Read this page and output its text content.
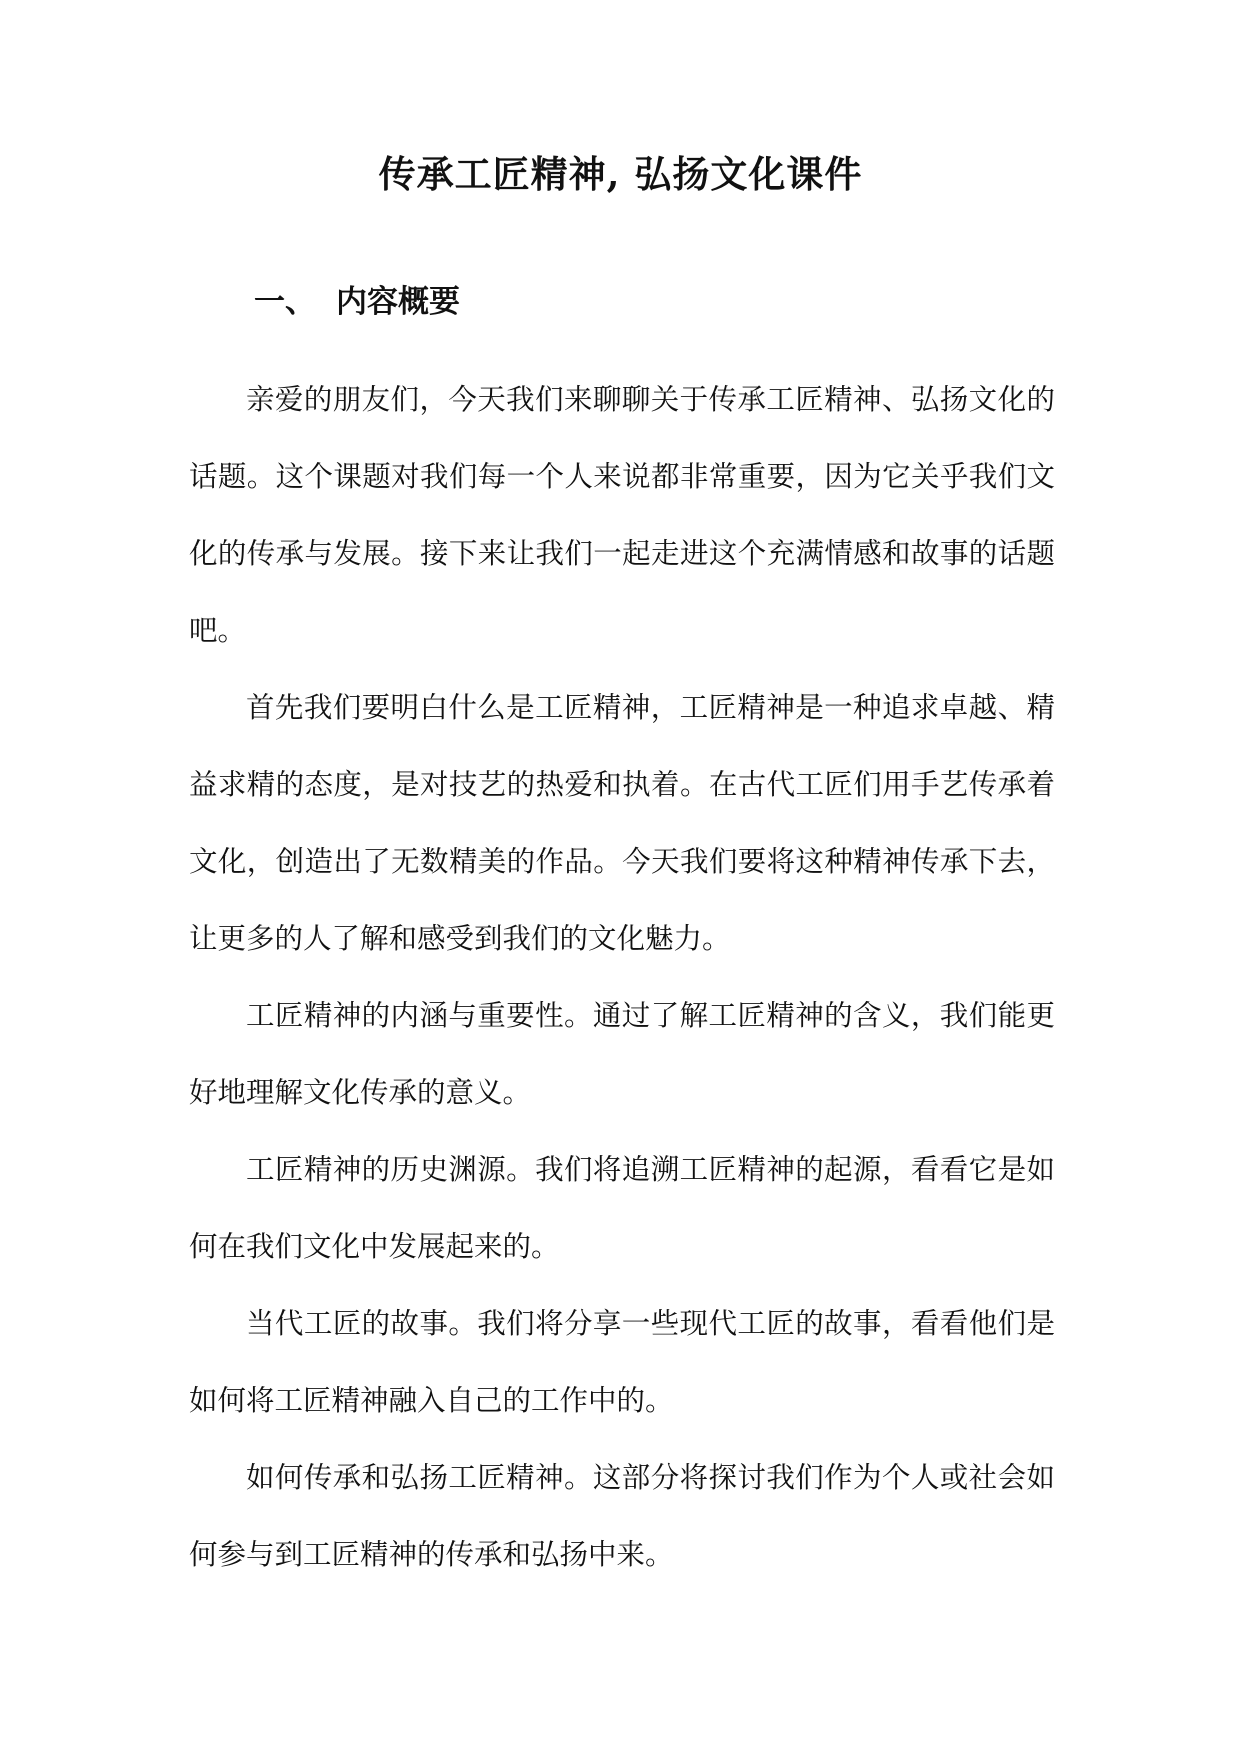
传承工匠精神, 弘扬文化课件
一、 内容概要

亲爱的朋友们，今天我们来聊聊关于传承工匠精神、弘扬文化的话题。这个课题对我们每一个人来说都非常重要，因为它关乎我们文化的传承与发展。接下来让我们一起走进这个充满情感和故事的话题吧。

首先我们要明白什么是工匠精神，工匠精神是一种追求卓越、精益求精的态度，是对技艺的热爱和执着。在古代工匠们用手艺传承着文化，创造出了无数精美的作品。今天我们要将这种精神传承下去，让更多的人了解和感受到我们的文化魅力。

工匠精神的内涵与重要性。通过了解工匠精神的含义，我们能更好地理解文化传承的意义。

工匠精神的历史渊源。我们将追溯工匠精神的起源，看看它是如何在我们文化中发展起来的。

当代工匠的故事。我们将分享一些现代工匠的故事，看看他们是如何将工匠精神融入自己的工作中的。

如何传承和弘扬工匠精神。这部分将探讨我们作为个人或社会如何参与到工匠精神的传承和弘扬中来。
